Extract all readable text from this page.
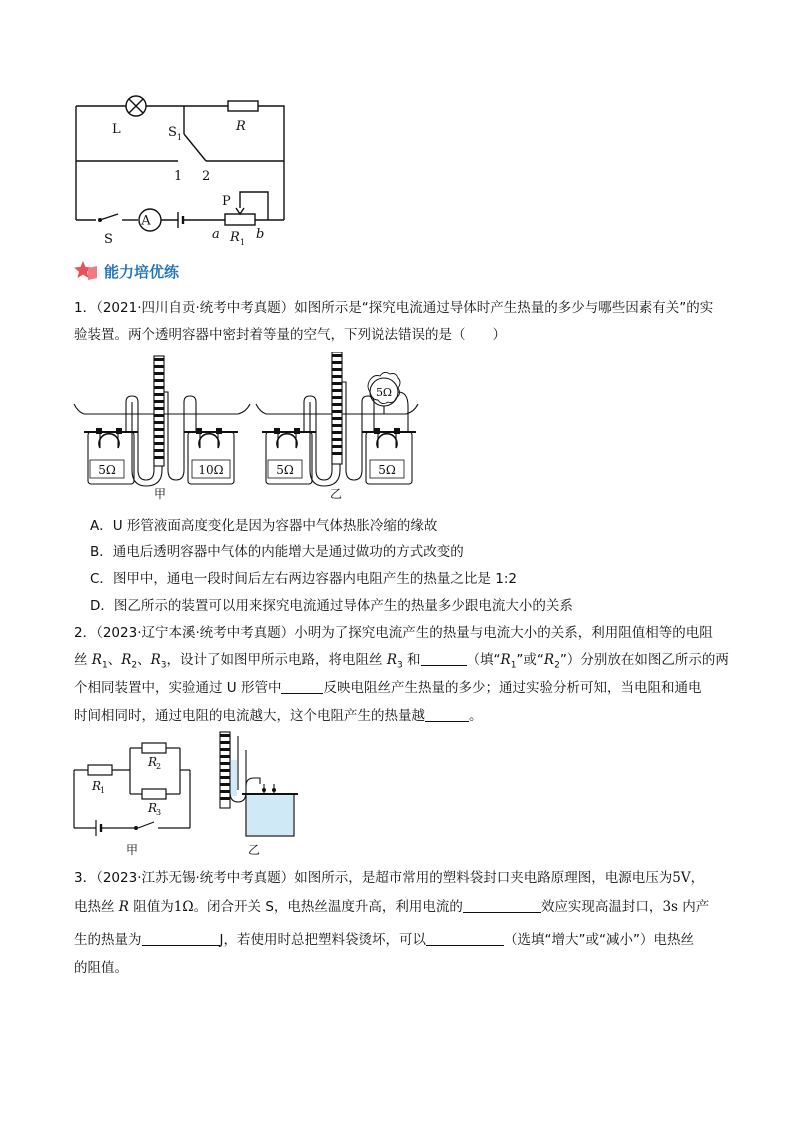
A
L	S 1
R
1 2
S
P
a R 1
b
能力培优练
1．（2021·四川自贡·统考中考真题）如图所示是“探究电流通过导体时产生热量的多少与哪些因素有关”的实
验装置。两个透明容器中密封着等量的空气，下列说法错误的是（　　）
5Ω	10Ω
甲
5Ω	5Ω
5Ω
乙
A．U 形管液面高度变化是因为容器中气体热胀冷缩的缘故
B．通电后透明容器中气体的内能增大是通过做功的方式改变的
C．图甲中，通电一段时间后左右两边容器内电阻产生的热量之比是 1:2
D．图乙所示的装置可以用来探究电流通过导体产生的热量多少跟电流大小的关系
2．（2023·辽宁本溪·统考中考真题）小明为了探究电流产生的热量与电流大小的关系，利用阻值相等的电阻
丝 $R_1$、$R_2$、$R_3$，设计了如图甲所示电路，将电阻丝 $R_3$ 和	（填“$R_1$”或“$R_2$”）分别放在如图乙所示的两
个相同装置中，实验通过 U 形管中	反映电阻丝产生热量的多少；通过实验分析可知，当电阻和通电
时间相同时，通过电阻的电流越大，这个电阻产生的热量越	。
R
1
R
2
R
3
甲	乙
3．（2023·江苏无锡·统考中考真题）如图所示，是超市常用的塑料袋封口夹电路原理图，电源电压为5V，
电热丝 R 阻值为1Ω。闭合开关 S，电热丝温度升高，利用电流的	效应实现高温封口，3s 内产
生的热量为	J，若使用时总把塑料袋烫坏，可以	（选填“增大”或“减小”）电热丝
的阻值。
